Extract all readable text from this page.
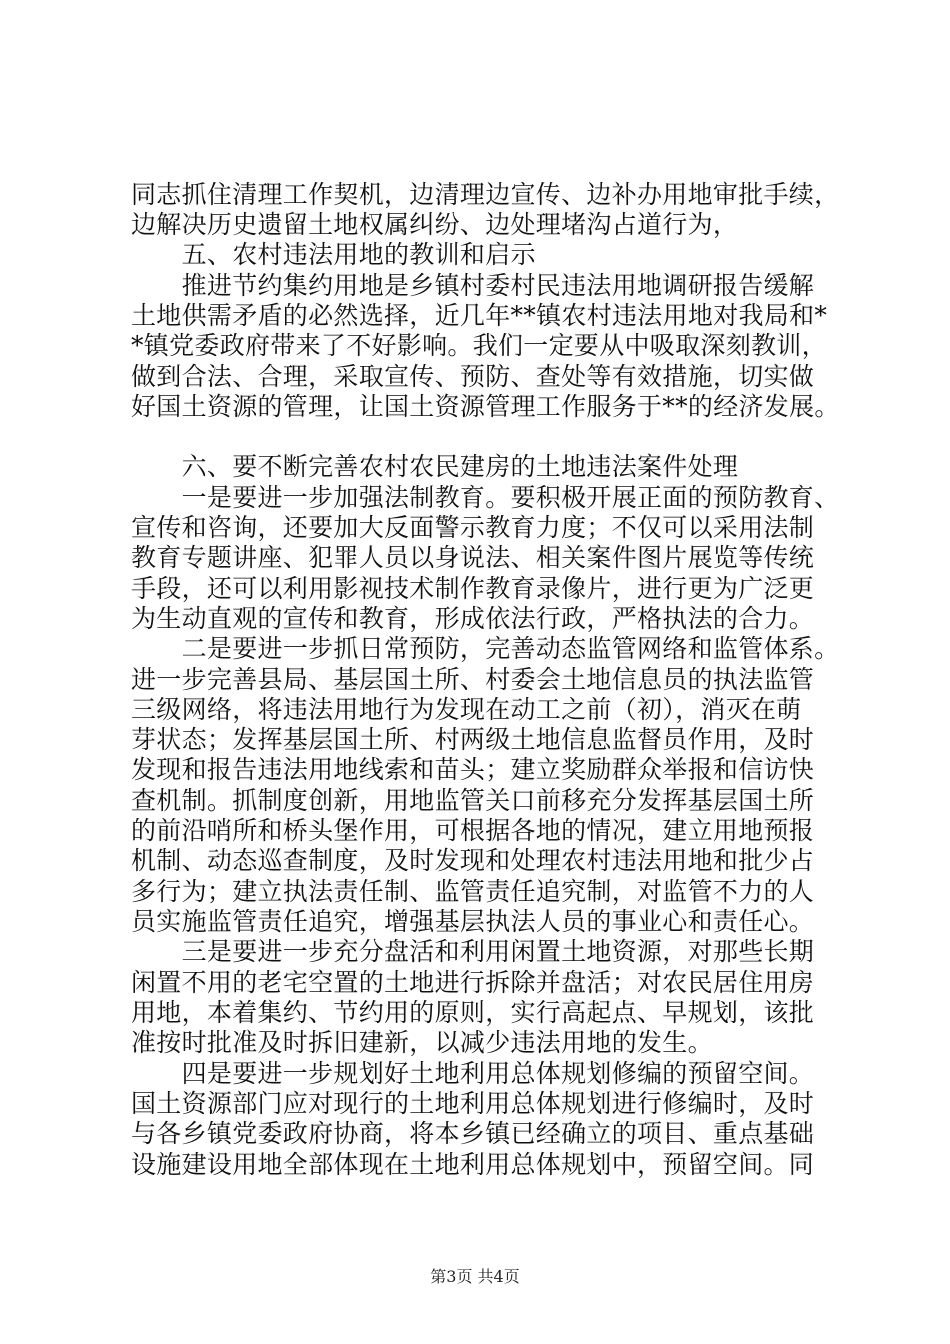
同志抓住清理工作契机，边清理边宣传、边补办用地审批手续，
边解决历史遗留土地权属纠纷、边处理堵沟占道行为，
　　五、农村违法用地的教训和启示
　　推进节约集约用地是乡镇村委村民违法用地调研报告缓解
土地供需矛盾的必然选择，近几年**镇农村违法用地对我局和*
*镇党委政府带来了不好影响。我们一定要从中吸取深刻教训，
做到合法、合理，采取宣传、预防、查处等有效措施，切实做
好国土资源的管理，让国土资源管理工作服务于**的经济发展。
　　六、要不断完善农村农民建房的土地违法案件处理
　　一是要进一步加强法制教育。要积极开展正面的预防教育、
宣传和咨询，还要加大反面警示教育力度；不仅可以采用法制
教育专题讲座、犯罪人员以身说法、相关案件图片展览等传统
手段，还可以利用影视技术制作教育录像片，进行更为广泛更
为生动直观的宣传和教育，形成依法行政，严格执法的合力。
　　二是要进一步抓日常预防，完善动态监管网络和监管体系。
进一步完善县局、基层国土所、村委会土地信息员的执法监管
三级网络，将违法用地行为发现在动工之前（初），消灭在萌
芽状态；发挥基层国土所、村两级土地信息监督员作用，及时
发现和报告违法用地线索和苗头；建立奖励群众举报和信访快
查机制。抓制度创新，用地监管关口前移充分发挥基层国土所
的前沿哨所和桥头堡作用，可根据各地的情况，建立用地预报
机制、动态巡查制度，及时发现和处理农村违法用地和批少占
多行为；建立执法责任制、监管责任追究制，对监管不力的人
员实施监管责任追究，增强基层执法人员的事业心和责任心。
　　三是要进一步充分盘活和利用闲置土地资源，对那些长期
闲置不用的老宅空置的土地进行拆除并盘活；对农民居住用房
用地，本着集约、节约用的原则，实行高起点、早规划，该批
准按时批准及时拆旧建新，以减少违法用地的发生。
　　四是要进一步规划好土地利用总体规划修编的预留空间。
国土资源部门应对现行的土地利用总体规划进行修编时，及时
与各乡镇党委政府协商，将本乡镇已经确立的项目、重点基础
设施建设用地全部体现在土地利用总体规划中，预留空间。同
第3页 共4页
